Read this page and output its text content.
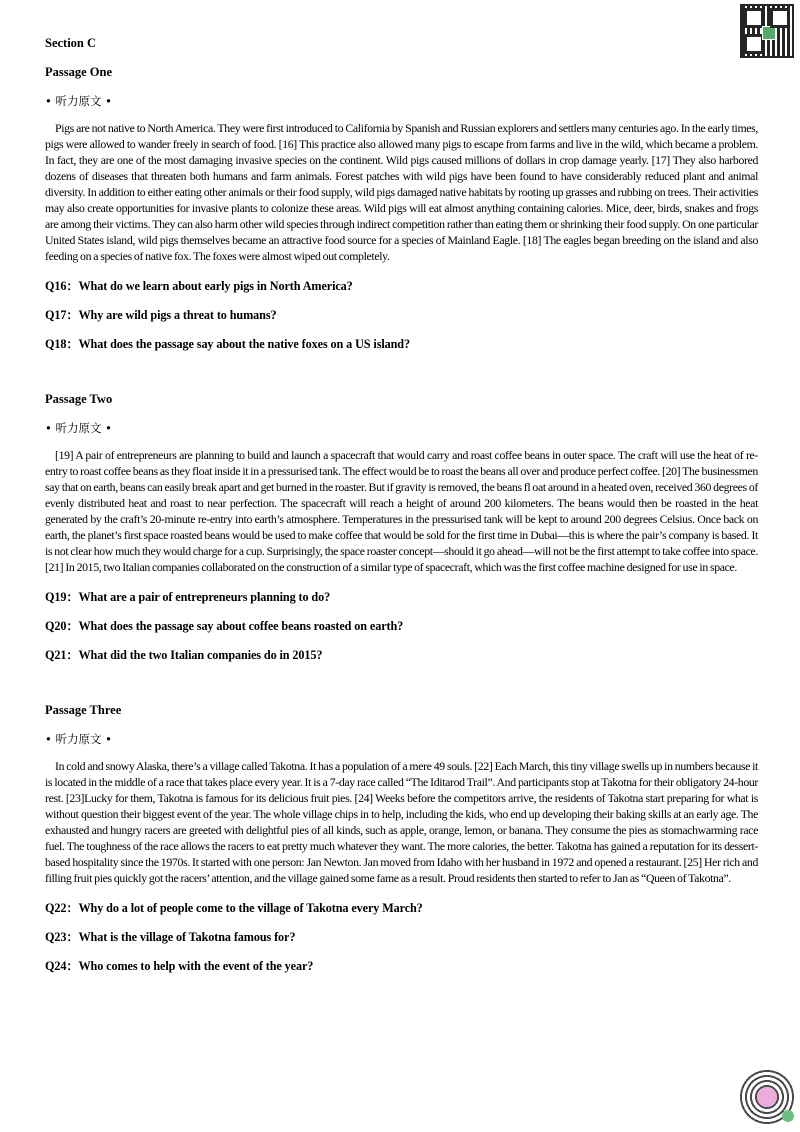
Section C
Passage One
• 听力原文 •

Pigs are not native to North America. They were first introduced to California by Spanish and Russian explorers and settlers many centuries ago. In the early times, pigs were allowed to wander freely in search of food. [16] This practice also allowed many pigs to escape from farms and live in the wild, which became a problem. In fact, they are one of the most damaging invasive species on the continent. Wild pigs caused millions of dollars in crop damage yearly. [17] They also harbored dozens of diseases that threaten both humans and farm animals. Forest patches with wild pigs have been found to have considerably reduced plant and animal diversity. In addition to either eating other animals or their food supply, wild pigs damaged native habitats by rooting up grasses and rubbing on trees. Their activities may also create opportunities for invasive plants to colonize these areas. Wild pigs will eat almost anything containing calories. Mice, deer, birds, snakes and frogs are among their victims. They can also harm other wild species through indirect competition rather than eating them or shrinking their food supply. On one particular United States island, wild pigs themselves became an attractive food source for a species of Mainland Eagle. [18] The eagles began breeding on the island and also feeding on a species of native fox. The foxes were almost wiped out completely.

Q16：What do we learn about early pigs in North America?
Q17：Why are wild pigs a threat to humans?
Q18：What does the passage say about the native foxes on a US island?
Passage Two
• 听力原文 •

[19] A pair of entrepreneurs are planning to build and launch a spacecraft that would carry and roast coffee beans in outer space. The craft will use the heat of re-entry to roast coffee beans as they float inside it in a pressurised tank. The effect would be to roast the beans all over and produce perfect coffee. [20] The businessmen say that on earth, beans can easily break apart and get burned in the roaster. But if gravity is removed, the beans fl oat around in a heated oven, received 360 degrees of evenly distributed heat and roast to near perfection. The spacecraft will reach a height of around 200 kilometers. The beans would then be roasted in the heat generated by the craft’s 20-minute re-entry into earth’s atmosphere. Temperatures in the pressurised tank will be kept to around 200 degrees Celsius. Once back on earth, the planet’s first space roasted beans would be used to make coffee that would be sold for the first time in Dubai—this is where the pair’s company is based. It is not clear how much they would charge for a cup. Surprisingly, the space roaster concept—should it go ahead—will not be the first attempt to take coffee into space. [21] In 2015, two Italian companies collaborated on the construction of a similar type of spacecraft, which was the first coffee machine designed for use in space.

Q19：What are a pair of entrepreneurs planning to do?
Q20：What does the passage say about coffee beans roasted on earth?
Q21：What did the two Italian companies do in 2015?
Passage Three
• 听力原文 •

In cold and snowy Alaska, there’s a village called Takotna. It has a population of a mere 49 souls. [22] Each March, this tiny village swells up in numbers because it is located in the middle of a race that takes place every year. It is a 7-day race called “The Iditarod Trail”. And participants stop at Takotna for their obligatory 24-hour rest. [23]Lucky for them, Takotna is famous for its delicious fruit pies. [24] Weeks before the competitors arrive, the residents of Takotna start preparing for what is without question their biggest event of the year. The whole village chips in to help, including the kids, who end up developing their baking skills at an early age. The exhausted and hungry racers are greeted with delightful pies of all kinds, such as apple, orange, lemon, or banana. They consume the pies as stomachwarming race fuel. The toughness of the race allows the racers to eat pretty much whatever they want. The more calories, the better. Takotna has gained a reputation for its dessert-based hospitality since the 1970s. It started with one person: Jan Newton. Jan moved from Idaho with her husband in 1972 and opened a restaurant. [25] Her rich and filling fruit pies quickly got the racers’ attention, and the village gained some fame as a result. Proud residents then started to refer to Jan as “Queen of Takotna”.

Q22：Why do a lot of people come to the village of Takotna every March?
Q23：What is the village of Takotna famous for?
Q24：Who comes to help with the event of the year?
